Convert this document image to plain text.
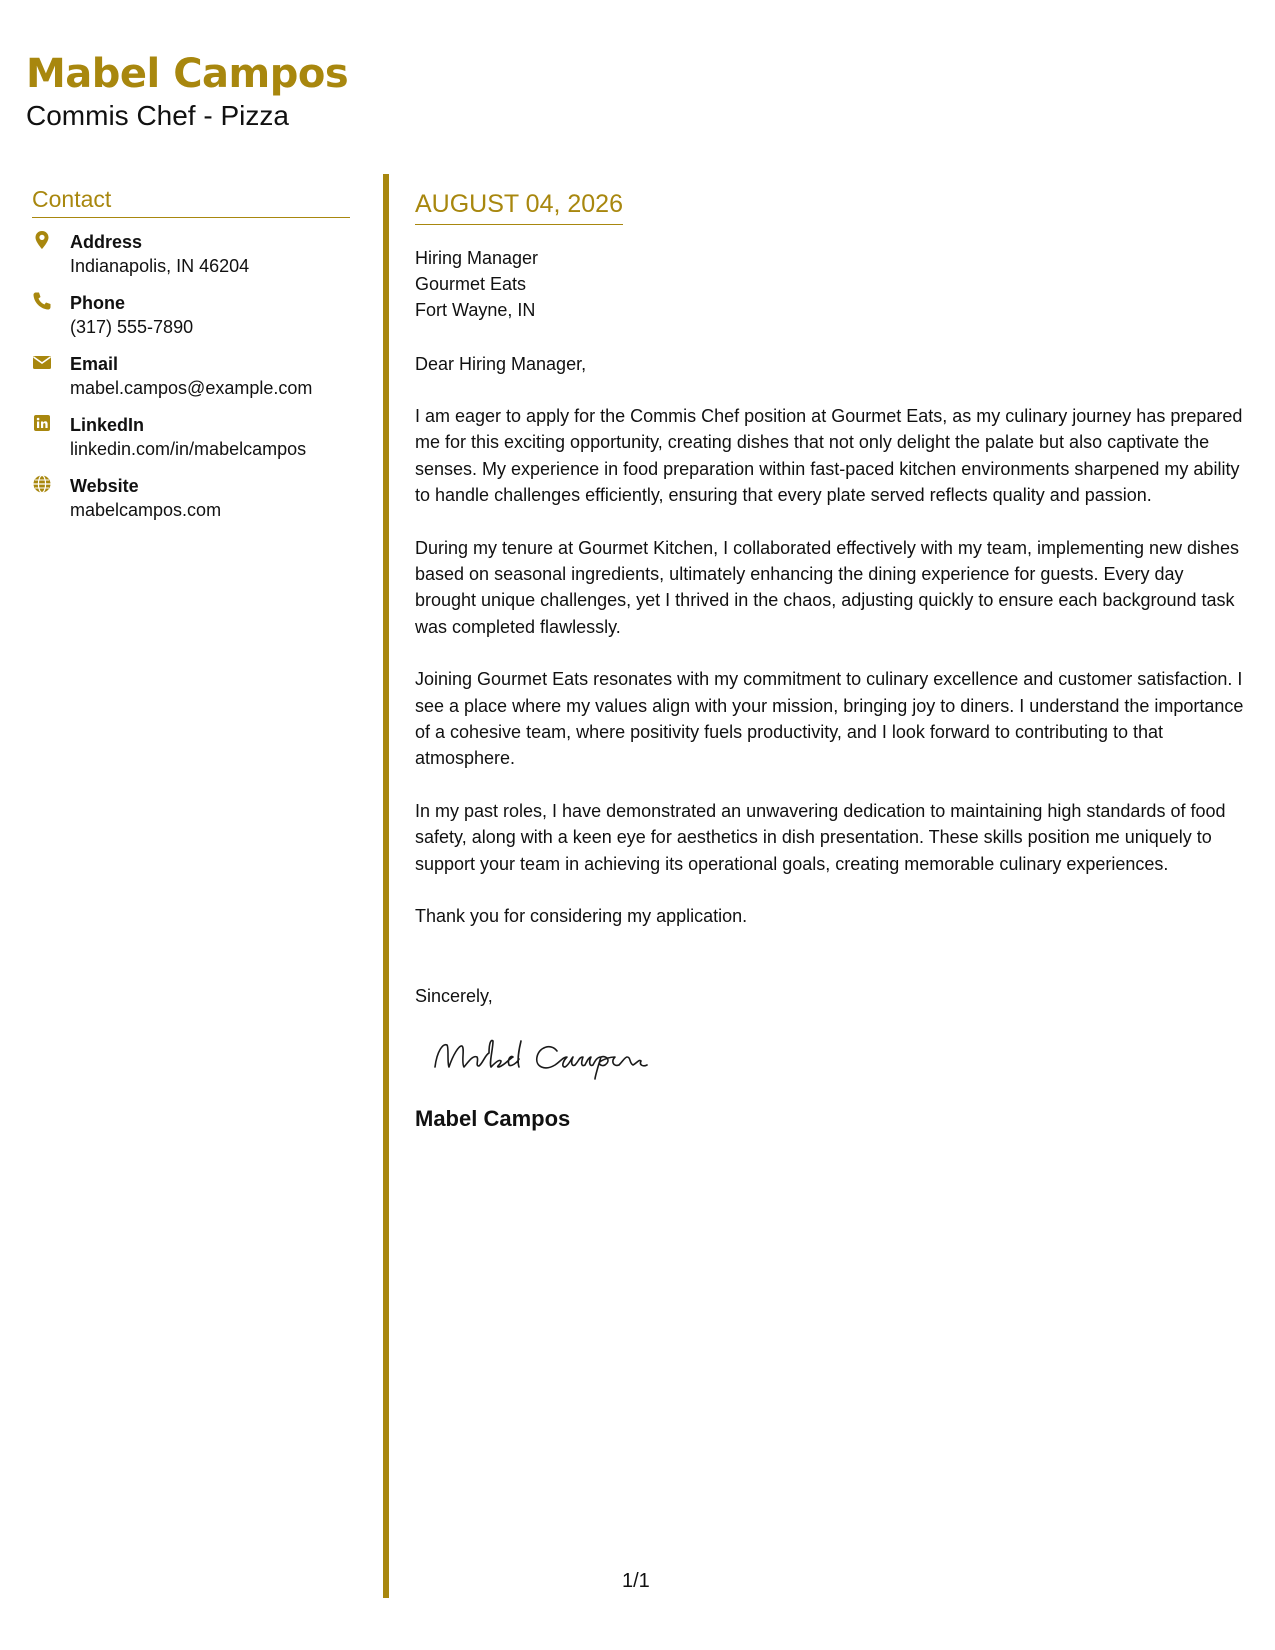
Mabel Campos
Commis Chef - Pizza
Contact
Address
Indianapolis, IN 46204
Phone
(317) 555-7890
Email
mabel.campos@example.com
LinkedIn
linkedin.com/in/mabelcampos
Website
mabelcampos.com
AUGUST 04, 2026
Hiring Manager
Gourmet Eats
Fort Wayne, IN
Dear Hiring Manager,
I am eager to apply for the Commis Chef position at Gourmet Eats, as my culinary journey has prepared me for this exciting opportunity, creating dishes that not only delight the palate but also captivate the senses. My experience in food preparation within fast-paced kitchen environments sharpened my ability to handle challenges efficiently, ensuring that every plate served reflects quality and passion.
During my tenure at Gourmet Kitchen, I collaborated effectively with my team, implementing new dishes based on seasonal ingredients, ultimately enhancing the dining experience for guests. Every day brought unique challenges, yet I thrived in the chaos, adjusting quickly to ensure each background task was completed flawlessly.
Joining Gourmet Eats resonates with my commitment to culinary excellence and customer satisfaction. I see a place where my values align with your mission, bringing joy to diners. I understand the importance of a cohesive team, where positivity fuels productivity, and I look forward to contributing to that atmosphere.
In my past roles, I have demonstrated an unwavering dedication to maintaining high standards of food safety, along with a keen eye for aesthetics in dish presentation. These skills position me uniquely to support your team in achieving its operational goals, creating memorable culinary experiences.
Thank you for considering my application.
Sincerely,
Mabel Campos
1/1
